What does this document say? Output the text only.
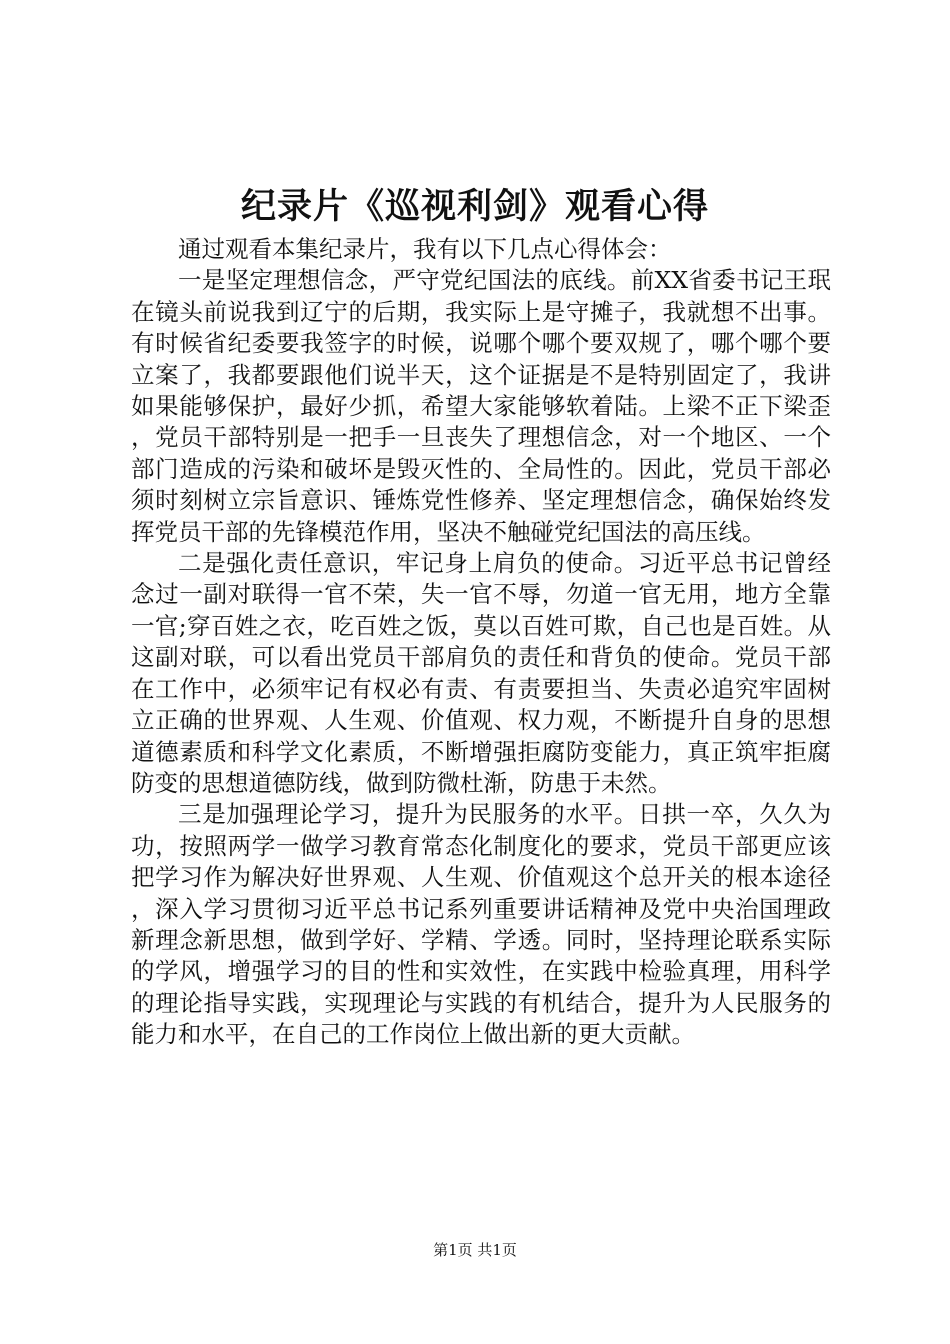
纪录片《巡视利剑》观看心得

通过观看本集纪录片，我有以下几点心得体会：

一是坚定理想信念，严守党纪国法的底线。前XX省委书记王珉在镜头前说我到辽宁的后期，我实际上是守摊子，我就想不出事。有时候省纪委要我签字的时候，说哪个哪个要双规了，哪个哪个要立案了，我都要跟他们说半天，这个证据是不是特别固定了，我讲如果能够保护，最好少抓，希望大家能够软着陆。上梁不正下梁歪，党员干部特别是一把手一旦丧失了理想信念，对一个地区、一个部门造成的污染和破坏是毁灭性的、全局性的。因此，党员干部必须时刻树立宗旨意识、锤炼党性修养、坚定理想信念，确保始终发挥党员干部的先锋模范作用，坚决不触碰党纪国法的高压线。

二是强化责任意识，牢记身上肩负的使命。习近平总书记曾经念过一副对联得一官不荣，失一官不辱，勿道一官无用，地方全靠一官;穿百姓之衣，吃百姓之饭，莫以百姓可欺，自己也是百姓。从这副对联，可以看出党员干部肩负的责任和背负的使命。党员干部在工作中，必须牢记有权必有责、有责要担当、失责必追究牢固树立正确的世界观、人生观、价值观、权力观，不断提升自身的思想道德素质和科学文化素质，不断增强拒腐防变能力，真正筑牢拒腐防变的思想道德防线，做到防微杜渐，防患于未然。

三是加强理论学习，提升为民服务的水平。日拱一卒，久久为功，按照两学一做学习教育常态化制度化的要求，党员干部更应该把学习作为解决好世界观、人生观、价值观这个总开关的根本途径，深入学习贯彻习近平总书记系列重要讲话精神及党中央治国理政新理念新思想，做到学好、学精、学透。同时，坚持理论联系实际的学风，增强学习的目的性和实效性，在实践中检验真理，用科学的理论指导实践，实现理论与实践的有机结合，提升为人民服务的能力和水平，在自己的工作岗位上做出新的更大贡献。

第1页 共1页
